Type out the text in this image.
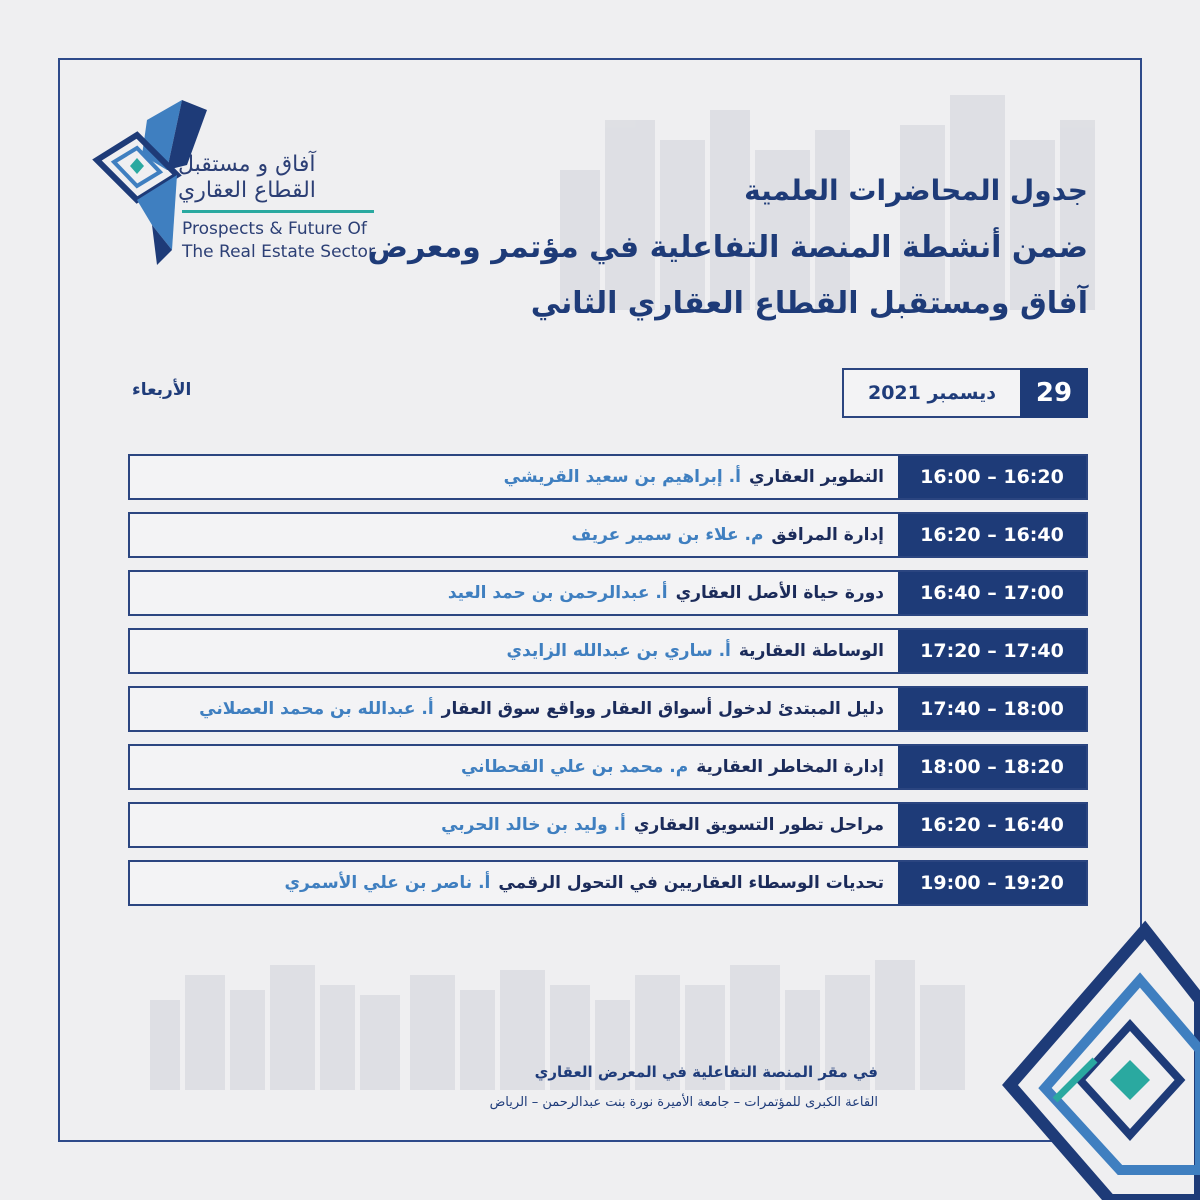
آفاق و مستقبل
القطاع العقاري
Prospects & Future Of
The Real Estate Sector
جدول المحاضرات العلمية
ضمن أنشطة المنصة التفاعلية في مؤتمر ومعرض
آفاق ومستقبل القطاع العقاري الثاني
ديسمبر 2021	29
الأربعاء
16:00 – 16:20
التطوير العقاري
أ. إبراهيم بن سعيد القريشي
16:20 – 16:40
إدارة المرافق
م. علاء بن سمير عريف
16:40 – 17:00
دورة حياة الأصل العقاري
أ. عبدالرحمن بن حمد العيد
17:20 – 17:40
الوساطة العقارية
أ. ساري بن عبدالله الزايدي
17:40 – 18:00
دليل المبتدئ لدخول أسواق العقار وواقع سوق العقار
أ. عبدالله بن محمد العصلاني
18:00 – 18:20
إدارة المخاطر العقارية
م. محمد بن علي القحطاني
16:20 – 16:40
مراحل تطور التسويق العقاري
أ. وليد بن خالد الحربي
19:00 – 19:20
تحديات الوسطاء العقاريين في التحول الرقمي
أ. ناصر بن علي الأسمري
في مقر المنصة التفاعلية في المعرض العقاري
القاعة الكبرى للمؤتمرات – جامعة الأميرة نورة بنت عبدالرحمن – الرياض
